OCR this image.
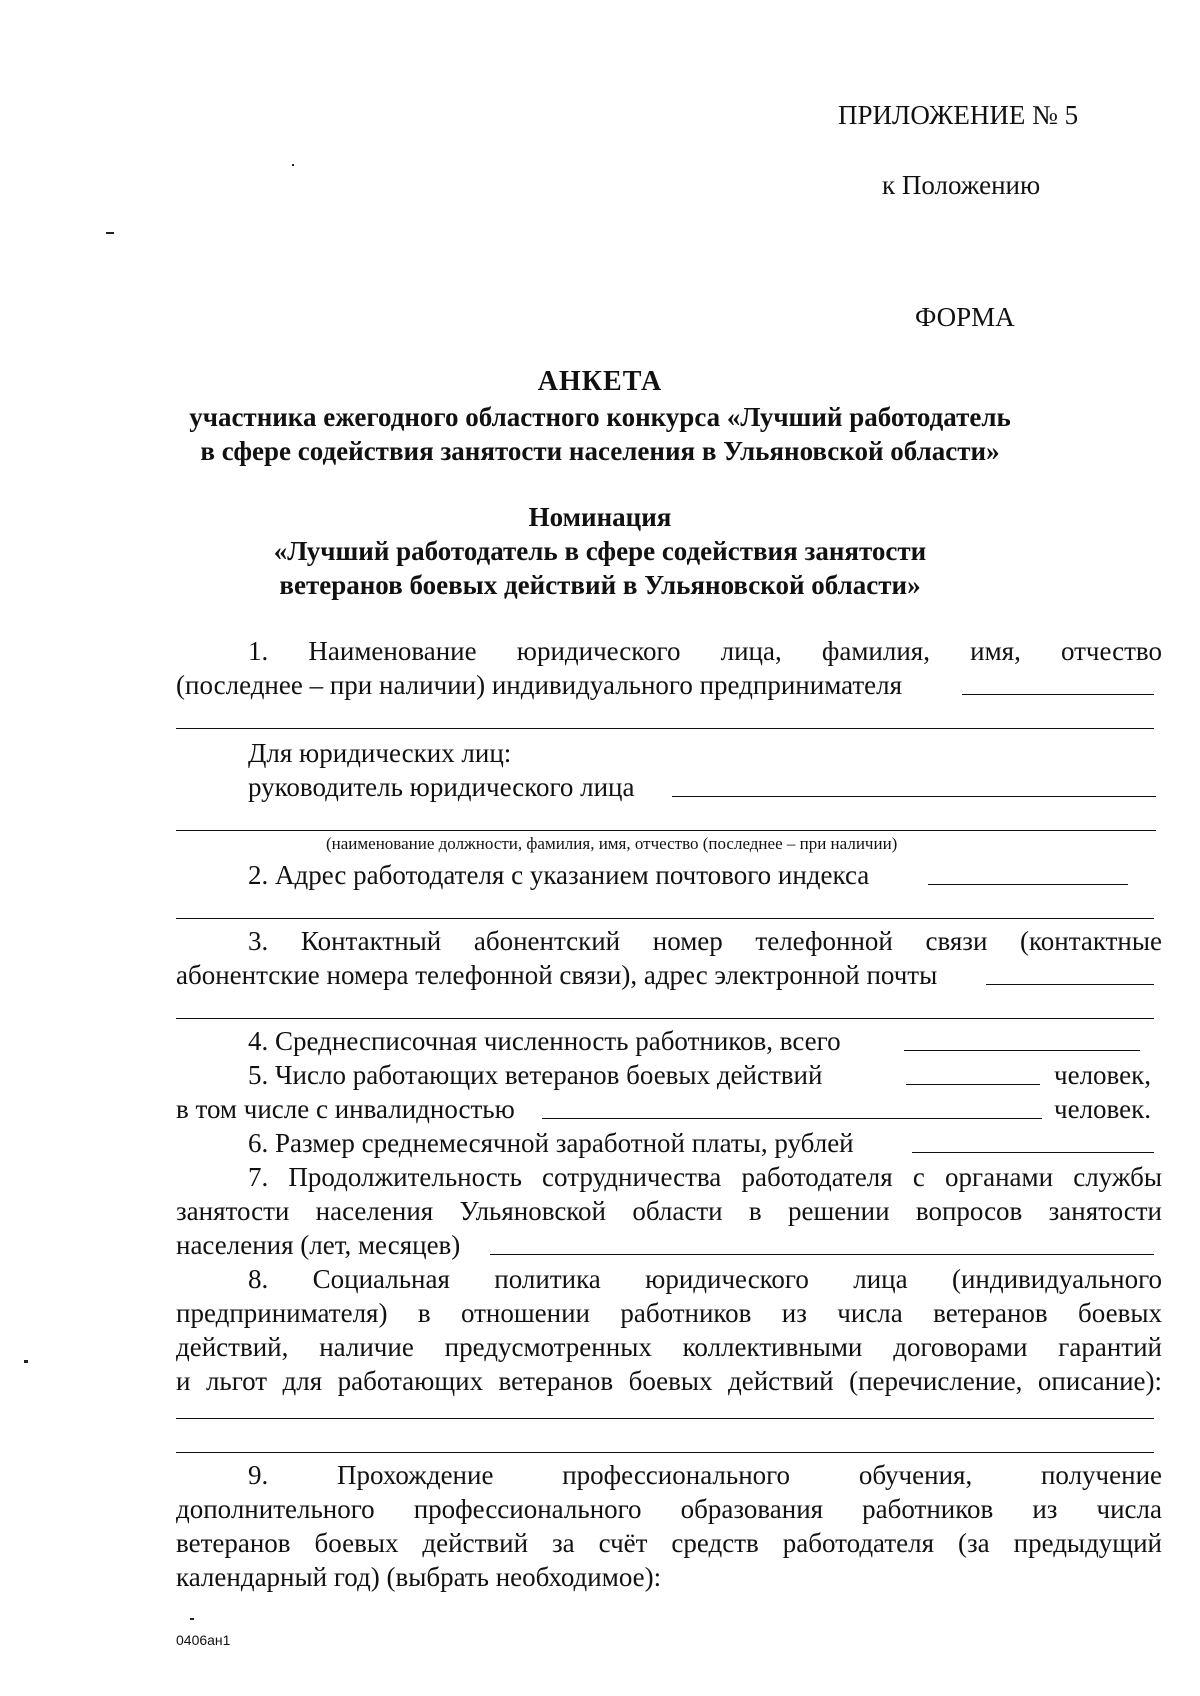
ПРИЛОЖЕНИЕ № 5
к Положению
ФОРМА
АНКЕТА
участника ежегодного областного конкурса «Лучший работодатель
в сфере содействия занятости населения в Ульяновской области»
Номинация
«Лучший работодатель в сфере содействия занятости
ветеранов боевых действий в Ульяновской области»
1. Наименование юридического лица, фамилия, имя, отчество
(последнее – при наличии) индивидуального предпринимателя
Для юридических лиц:
руководитель юридического лица
(наименование должности, фамилия, имя, отчество (последнее – при наличии)
2. Адрес работодателя с указанием почтового индекса
3. Контактный абонентский номер телефонной связи (контактные
абонентские номера телефонной связи), адрес электронной почты
4. Среднесписочная численность работников, всего
5. Число работающих ветеранов боевых действий	человек,
в том числе с инвалидностью	человек.
6. Размер среднемесячной заработной платы, рублей
7. Продолжительность сотрудничества работодателя с органами службы
занятости населения Ульяновской области в решении вопросов занятости
населения (лет, месяцев)
8. Социальная политика юридического лица (индивидуального
предпринимателя) в отношении работников из числа ветеранов боевых
действий, наличие предусмотренных коллективными договорами гарантий
и льгот для работающих ветеранов боевых действий (перечисление, описание):
9. Прохождение профессионального обучения, получение
дополнительного профессионального образования работников из числа
ветеранов боевых действий за счёт средств работодателя (за предыдущий
календарный год) (выбрать необходимое):
0406ан1
